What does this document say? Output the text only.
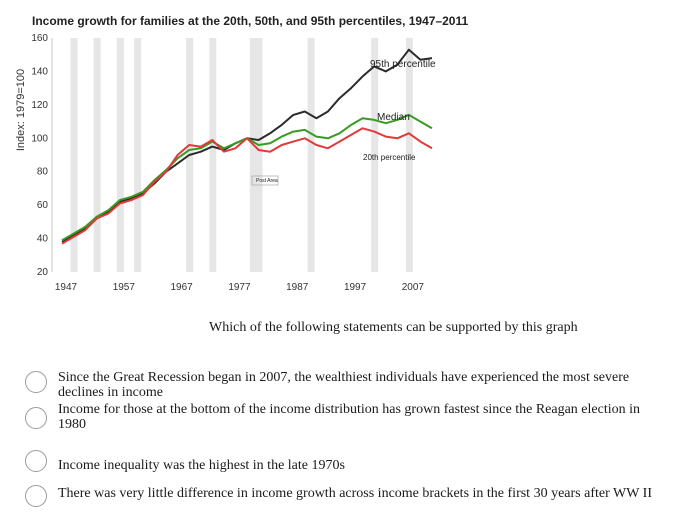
Income growth for families at the 20th, 50th, and 95th percentiles, 1947–2011
20
40
60
80
100
120
140
160
1947	1957	1967	1977	1987	1997	2007
Index: 1979=100
95th percentile
Median
20th percentile
Post Area
Which of the following statements can be supported by this graph
Since the Great Recession began in 2007, the wealthiest individuals have experienced the most severe declines in income
Income for those at the bottom of the income distribution has grown fastest since the Reagan election in 1980
Income inequality was the highest in the late 1970s
There was very little difference in income growth across income brackets in the first 30 years after WW II
